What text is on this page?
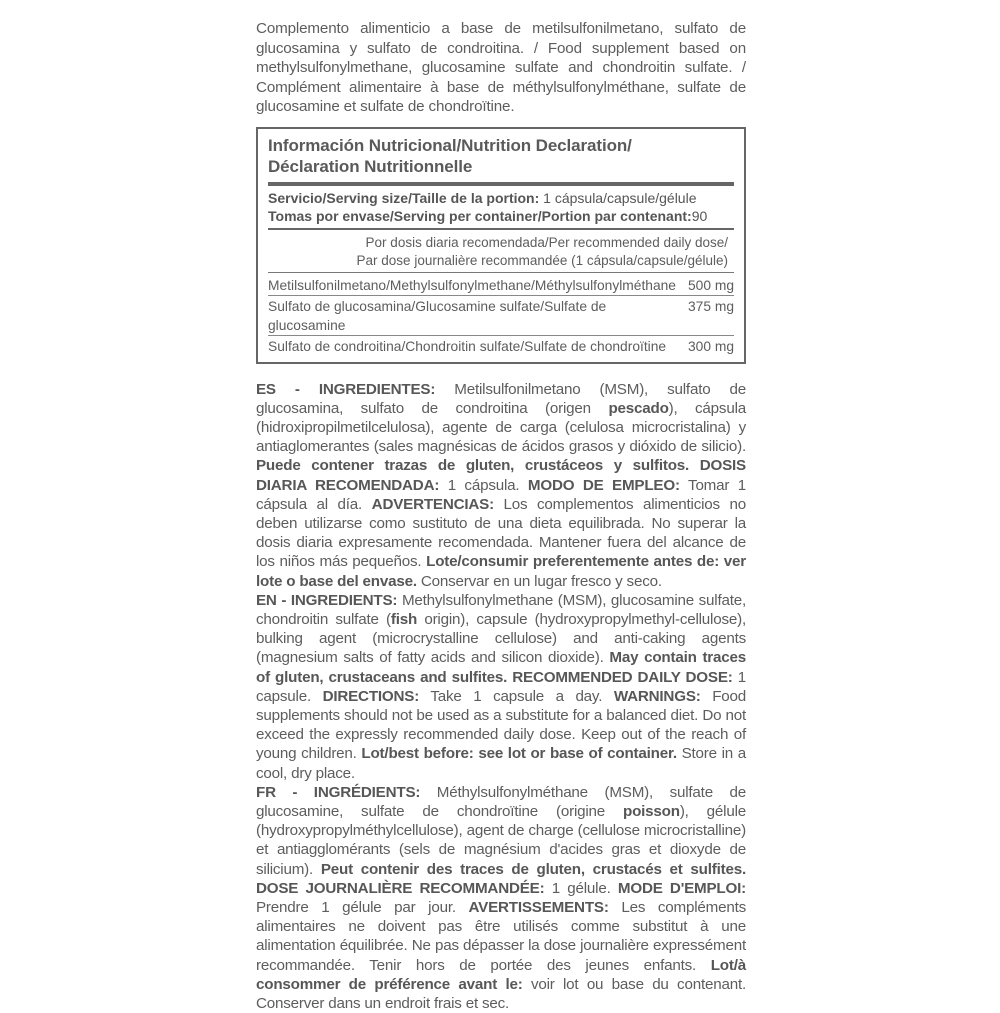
Complemento alimenticio a base de metilsulfonilmetano, sulfato de glucosamina y sulfato de condroitina. / Food supplement based on methylsulfonylmethane, glucosamine sulfate and chondroitin sulfate. / Complément alimentaire à base de méthylsulfonylméthane, sulfate de glucosamine et sulfate de chondroïtine.

Información Nutricional/Nutrition Declaration/
Déclaration Nutritionnelle

Servicio/Serving size/Taille de la portion: 1 cápsula/capsule/gélule

Tomas por envase/Serving per container/Portion par contenant:90

Por dosis diaria recomendada/Per recommended daily dose/
Par dose journalière recommandée (1 cápsula/capsule/gélule)

Metilsulfonilmetano/Methylsulfonylmethane/Méthylsulfonylméthane 500 mg
Sulfato de glucosamina/Glucosamine sulfate/Sulfate de glucosamine
375 mg
Sulfato de condroitina/Chondroitin sulfate/Sulfate de chondroïtine 300 mg

ES - INGREDIENTES: Metilsulfonilmetano (MSM), sulfato de glucosamina, sulfato de condroitina (origen pescado), cápsula (hidroxipropilmetilcelulosa), agente de carga (celulosa microcristalina) y antiaglomerantes (sales magnésicas de ácidos grasos y dióxido de silicio). Puede contener trazas de gluten, crustáceos y sulfitos. DOSIS DIARIA RECOMENDADA: 1 cápsula. MODO DE EMPLEO: Tomar 1 cápsula al día. ADVERTENCIAS: Los complementos alimenticios no deben utilizarse como sustituto de una dieta equilibrada. No superar la dosis diaria expresamente recomendada. Mantener fuera del alcance de los niños más pequeños. Lote/consumir preferentemente antes de: ver lote o base del envase. Conservar en un lugar fresco y seco.

EN - INGREDIENTS: Methylsulfonylmethane (MSM), glucosamine sulfate, chondroitin sulfate (fish origin), capsule (hydroxypropylmethyl-cellulose), bulking agent (microcrystalline cellulose) and anti-caking agents (magnesium salts of fatty acids and silicon dioxide). May contain traces of gluten, crustaceans and sulfites. RECOMMENDED DAILY DOSE: 1 capsule. DIRECTIONS: Take 1 capsule a day. WARNINGS: Food supplements should not be used as a substitute for a balanced diet. Do not exceed the expressly recommended daily dose. Keep out of the reach of young children. Lot/best before: see lot or base of container. Store in a cool, dry place.

FR - INGRÉDIENTS: Méthylsulfonylméthane (MSM), sulfate de glucosamine, sulfate de chondroïtine (origine poisson), gélule (hydroxypropylméthylcellulose), agent de charge (cellulose microcristalline) et antiagglomérants (sels de magnésium d'acides gras et dioxyde de silicium). Peut contenir des traces de gluten, crustacés et sulfites. DOSE JOURNALIÈRE RECOMMANDÉE: 1 gélule. MODE D'EMPLOI: Prendre 1 gélule par jour. AVERTISSEMENTS: Les compléments alimentaires ne doivent pas être utilisés comme substitut à une alimentation équilibrée. Ne pas dépasser la dose journalière expressément recommandée. Tenir hors de portée des jeunes enfants. Lot/à consommer de préférence avant le: voir lot ou base du contenant. Conserver dans un endroit frais et sec.
